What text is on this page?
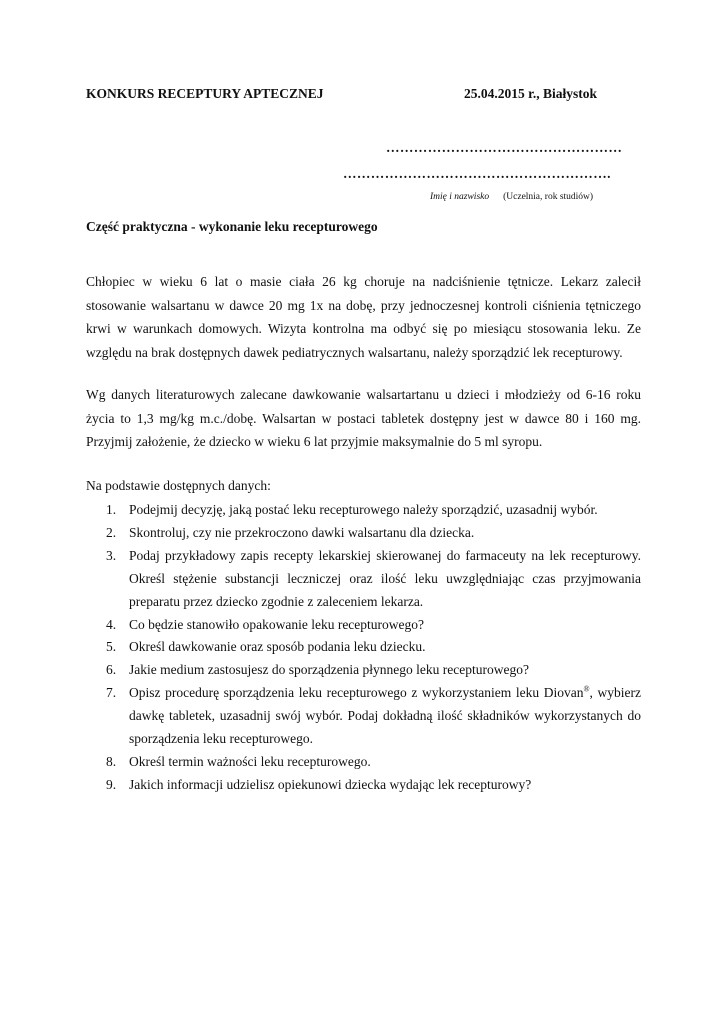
KONKURS RECEPTURY APTECZNEJ	25.04.2015 r., Białystok
……………………………………………
………………………………………………….
Imię i nazwisko (Uczelnia, rok studiów)
Część praktyczna - wykonanie leku recepturowego
Chłopiec w wieku 6 lat o masie ciała 26 kg choruje na nadciśnienie tętnicze. Lekarz zalecił stosowanie walsartanu w dawce 20 mg 1x na dobę, przy jednoczesnej kontroli ciśnienia tętniczego krwi w warunkach domowych. Wizyta kontrolna ma odbyć się po miesiącu stosowania leku. Ze względu na brak dostępnych dawek pediatrycznych walsartanu, należy sporządzić lek recepturowy.
Wg danych literaturowych zalecane dawkowanie walsartartanu u dzieci i młodzieży od 6-16 roku życia to 1,3 mg/kg m.c./dobę. Walsartan w postaci tabletek dostępny jest w dawce 80 i 160 mg. Przyjmij założenie, że dziecko w wieku 6 lat przyjmie maksymalnie do 5 ml syropu.
Na podstawie dostępnych danych:
1. Podejmij decyzję, jaką postać leku recepturowego należy sporządzić, uzasadnij wybór.
2. Skontroluj, czy nie przekroczono dawki walsartanu dla dziecka.
3. Podaj przykładowy zapis recepty lekarskiej skierowanej do farmaceuty na lek recepturowy. Określ stężenie substancji leczniczej oraz ilość leku uwzględniając czas przyjmowania preparatu przez dziecko zgodnie z zaleceniem lekarza.
4. Co będzie stanowiło opakowanie leku recepturowego?
5. Określ dawkowanie oraz sposób podania leku dziecku.
6. Jakie medium zastosujesz do sporządzenia płynnego leku recepturowego?
7. Opisz procedurę sporządzenia leku recepturowego z wykorzystaniem leku Diovan®, wybierz dawkę tabletek, uzasadnij swój wybór. Podaj dokładną ilość składników wykorzystanych do sporządzenia leku recepturowego.
8. Określ termin ważności leku recepturowego.
9. Jakich informacji udzielisz opiekunowi dziecka wydając lek recepturowy?
